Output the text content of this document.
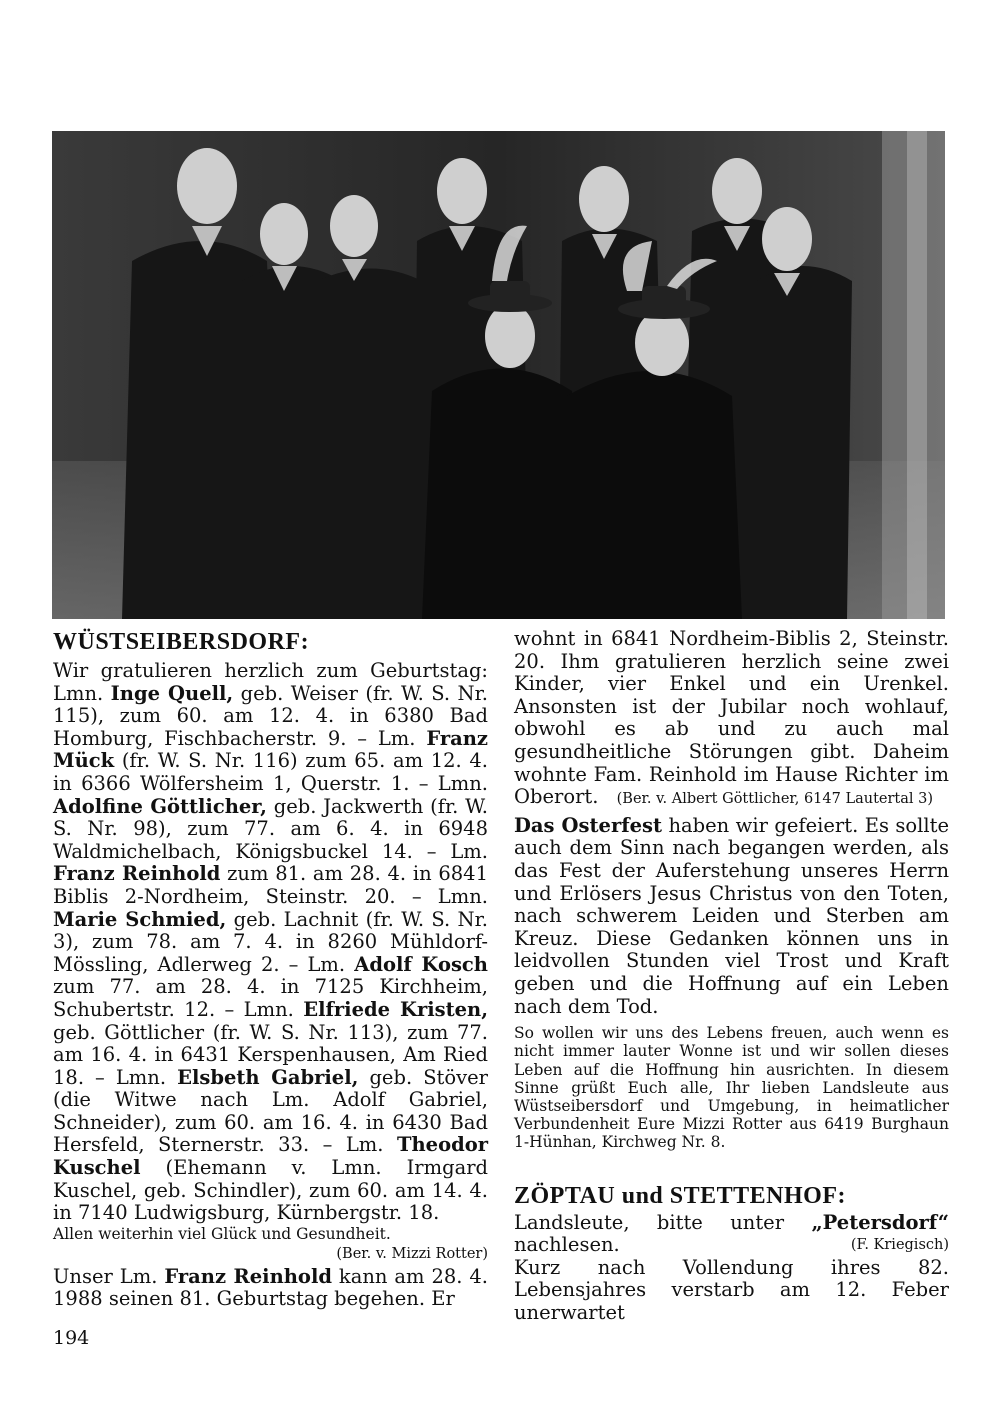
WÜSTSEIBERSDORF:

Wir gratulieren herzlich zum Geburtstag: Lmn. Inge Quell, geb. Weiser (fr. W. S. Nr. 115), zum 60. am 12. 4. in 6380 Bad Homburg, Fischbacherstr. 9. – Lm. Franz Mück (fr. W. S. Nr. 116) zum 65. am 12. 4. in 6366 Wölfersheim 1, Querstr. 1. – Lmn. Adolfine Göttlicher, geb. Jackwerth (fr. W. S. Nr. 98), zum 77. am 6. 4. in 6948 Waldmichelbach, Königsbuckel 14. – Lm. Franz Reinhold zum 81. am 28. 4. in 6841 Biblis 2-Nordheim, Steinstr. 20. – Lmn. Marie Schmied, geb. Lachnit (fr. W. S. Nr. 3), zum 78. am 7. 4. in 8260 Mühldorf-Mössling, Adlerweg 2. – Lm. Adolf Kosch zum 77. am 28. 4. in 7125 Kirchheim, Schubertstr. 12. – Lmn. Elfriede Kristen, geb. Göttlicher (fr. W. S. Nr. 113), zum 77. am 16. 4. in 6431 Kerspenhausen, Am Ried 18. – Lmn. Elsbeth Gabriel, geb. Stöver (die Witwe nach Lm. Adolf Gabriel, Schneider), zum 60. am 16. 4. in 6430 Bad Hersfeld, Sternerstr. 33. – Lm. Theodor Kuschel (Ehemann v. Lmn. Irmgard Kuschel, geb. Schindler), zum 60. am 14. 4. in 7140 Ludwigsburg, Kürnbergstr. 18.

Allen weiterhin viel Glück und Gesundheit.

(Ber. v. Mizzi Rotter)

Unser Lm. Franz Reinhold kann am 28. 4. 1988 seinen 81. Geburtstag begehen. Er

wohnt in 6841 Nordheim-Biblis 2, Steinstr. 20. Ihm gratulieren herzlich seine zwei Kinder, vier Enkel und ein Urenkel. Ansonsten ist der Jubilar noch wohlauf, obwohl es ab und zu auch mal gesundheitliche Störungen gibt. Daheim wohnte Fam. Reinhold im Hause Richter im Oberort. (Ber. v. Albert Göttlicher, 6147 Lautertal 3)

Das Osterfest haben wir gefeiert. Es sollte auch dem Sinn nach begangen werden, als das Fest der Auferstehung unseres Herrn und Erlösers Jesus Christus von den Toten, nach schwerem Leiden und Sterben am Kreuz. Diese Gedanken können uns in leidvollen Stunden viel Trost und Kraft geben und die Hoffnung auf ein Leben nach dem Tod.

So wollen wir uns des Lebens freuen, auch wenn es nicht immer lauter Wonne ist und wir sollen dieses Leben auf die Hoffnung hin ausrichten. In diesem Sinne grüßt Euch alle, Ihr lieben Landsleute aus Wüstseibersdorf und Umgebung, in heimatlicher Verbundenheit Eure Mizzi Rotter aus 6419 Burghaun 1-Hünhan, Kirchweg Nr. 8.

ZÖPTAU und STETTENHOF:

Landsleute, bitte unter „Petersdorf“ nachlesen.	(F. Kriegisch)

Kurz nach Vollendung ihres 82. Lebensjahres verstarb am 12. Feber unerwartet

194
